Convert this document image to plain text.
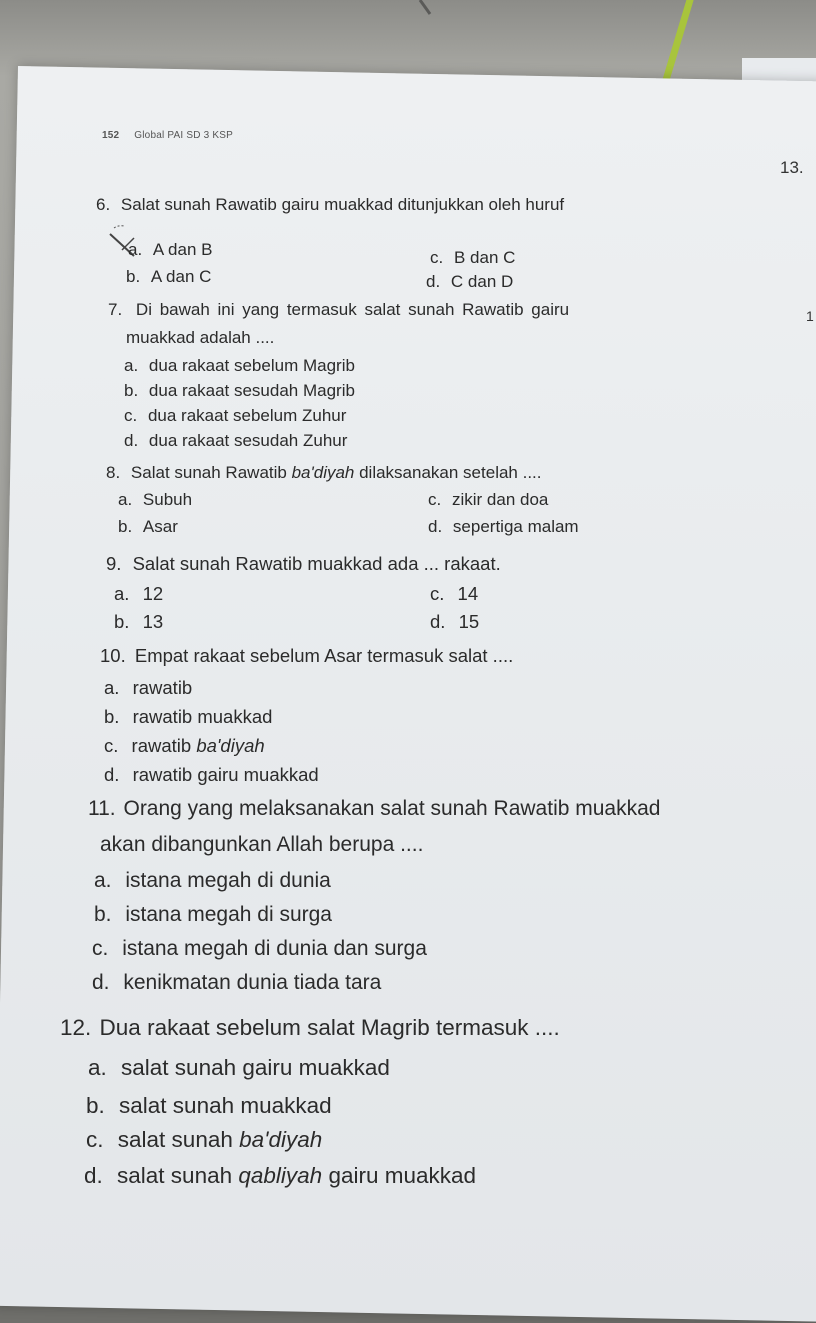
152 Global PAI SD 3 KSP
13.
1
6. Salat sunah Rawatib gairu muakkad ditunjukkan oleh huruf
a. A dan B
b. A dan C
c. B dan C
d. C dan D
7. Di bawah ini yang termasuk salat sunah Rawatib gairu
muakkad adalah ....
a. dua rakaat sebelum Magrib
b. dua rakaat sesudah Magrib
c. dua rakaat sebelum Zuhur
d. dua rakaat sesudah Zuhur
8. Salat sunah Rawatib ba'diyah dilaksanakan setelah ....
a. Subuh
b. Asar
c. zikir dan doa
d. sepertiga malam
9. Salat sunah Rawatib muakkad ada ... rakaat.
a. 12
b. 13
c. 14
d. 15
10. Empat rakaat sebelum Asar termasuk salat ....
a. rawatib
b. rawatib muakkad
c. rawatib ba'diyah
d. rawatib gairu muakkad
11. Orang yang melaksanakan salat sunah Rawatib muakkad
akan dibangunkan Allah berupa ....
a. istana megah di dunia
b. istana megah di surga
c. istana megah di dunia dan surga
d. kenikmatan dunia tiada tara
12. Dua rakaat sebelum salat Magrib termasuk ....
a. salat sunah gairu muakkad
b. salat sunah muakkad
c. salat sunah ba'diyah
d. salat sunah qabliyah gairu muakkad
